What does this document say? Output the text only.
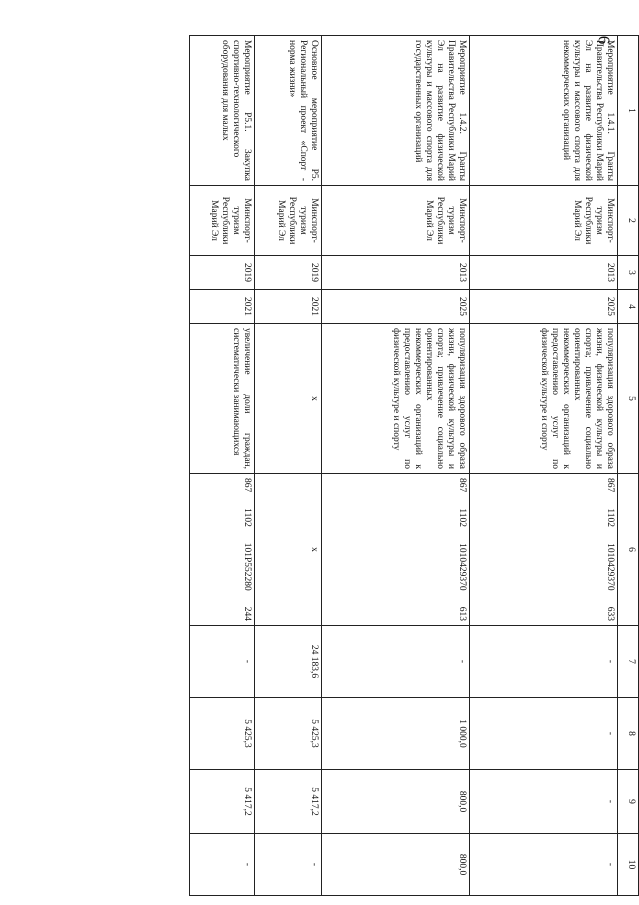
6
1	2	3	4	5	6	7	8	9	10
Мероприятие 1.4.1. Гранты Правительства Республики Марий Эл на развитие физической культуры и массового спорта для некоммерческих организаций	Минспорт-туризм Республики Марий Эл	2013	2025	популяризация здорового образа жизни, физической культуры и спорта; привлечение социально ориентированных некоммерческих организаций к предоставлению услуг по физической культуре и спорту	867
1102
1010429370
633	-	-	-	-
Мероприятие 1.4.2. Гранты Правительства Республики Марий Эл на развитие физической культуры и массового спорта для государственных организаций	Минспорт-туризм Республики Марий Эл	2013	2025	популяризация здорового образа жизни, физической культуры и спорта; привлечение социально ориентированных некоммерческих организаций к предоставлению услуг по физической культуре и спорту	867
1102
1010429370
613	-	1 000,0	800,0	800,0
Основное мероприятие P5. Региональный проект «Спорт - норма жизни»	Минспорт-туризм Республики Марий Эл	2019	2021	х	х	24 183,6	5 425,3	5 417,2	-
Мероприятие P5.1. Закупка спортивно-технологического оборудования для малых	Минспорт-туризм Республики Марий Эл	2019	2021	увеличение доли граждан, систематически занимающихся	867
1102
101P552280
244	-	5 425,3	5 417,2	-
